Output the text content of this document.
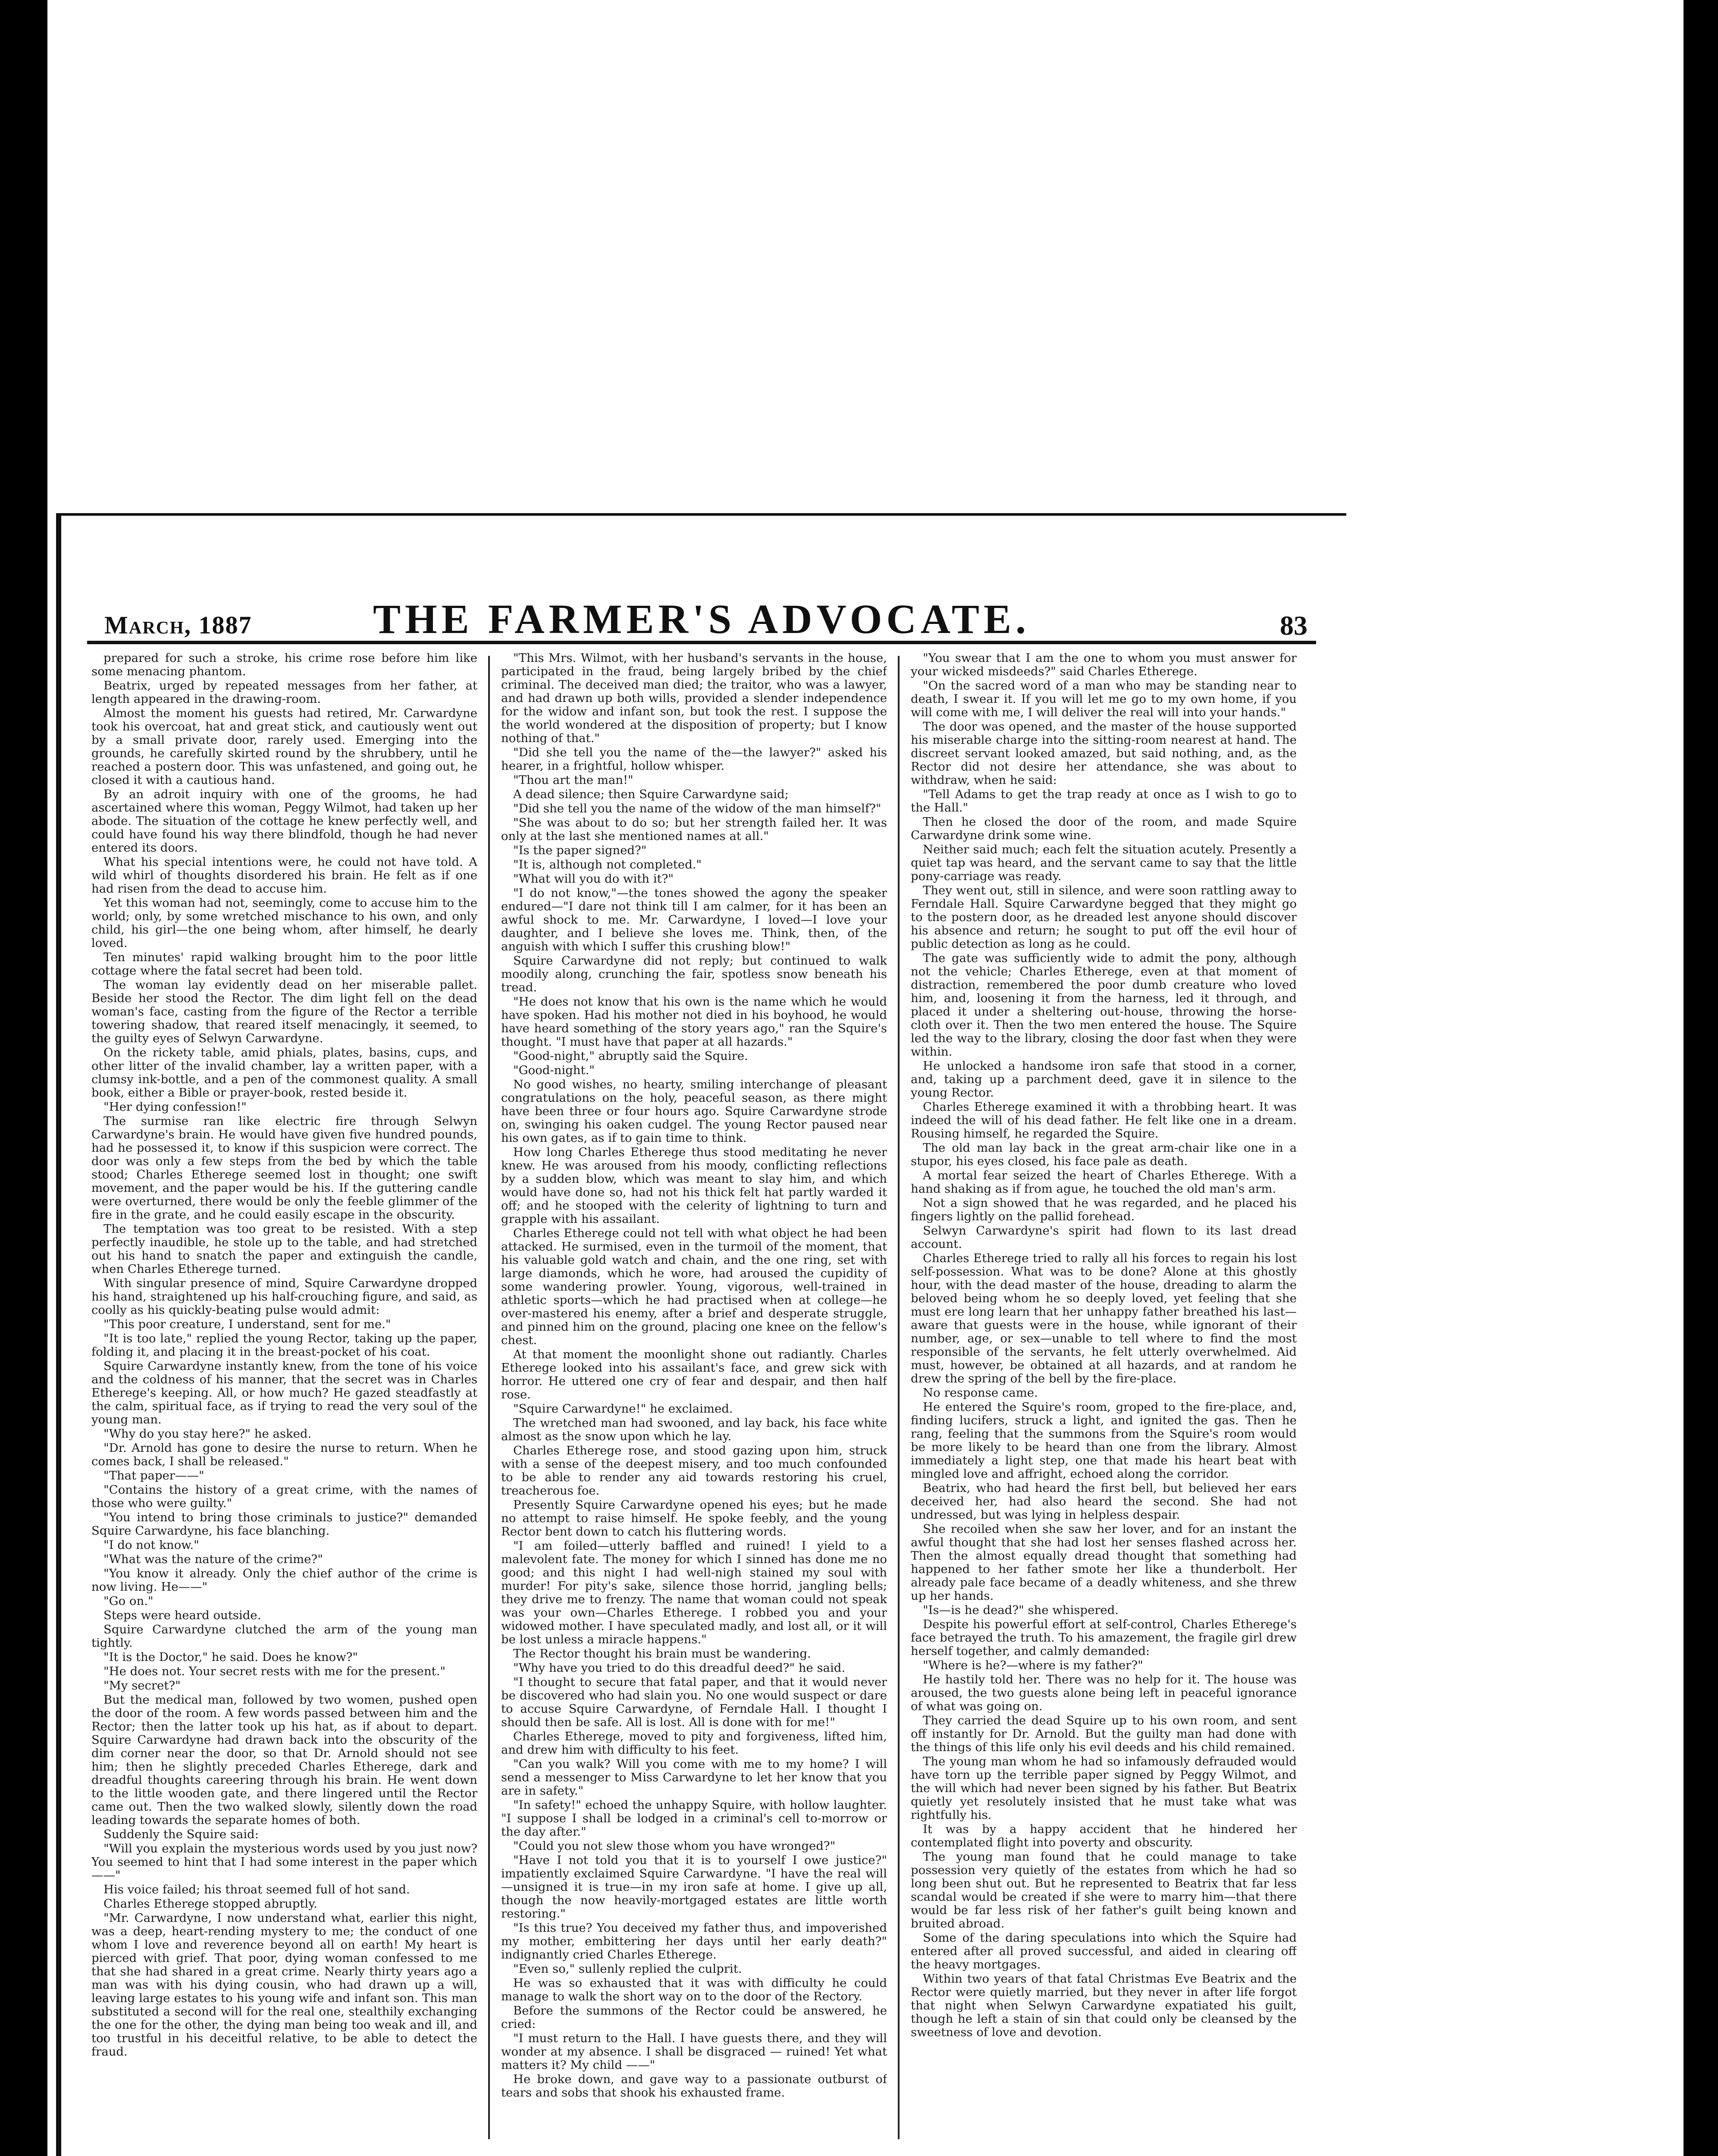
March, 1887	THE FARMER'S ADVOCATE.	83

prepared for such a stroke, his crime rose before him like some menacing phantom.

Beatrix, urged by repeated messages from her father, at length appeared in the drawing-room.

Almost the moment his guests had retired, Mr. Carwardyne took his overcoat, hat and great stick, and cautiously went out by a small private door, rarely used. Emerging into the grounds, he carefully skirted round by the shrubbery, until he reached a postern door. This was unfastened, and going out, he closed it with a cautious hand.

By an adroit inquiry with one of the grooms, he had ascertained where this woman, Peggy Wilmot, had taken up her abode. The situation of the cottage he knew perfectly well, and could have found his way there blindfold, though he had never entered its doors.

What his special intentions were, he could not have told. A wild whirl of thoughts disordered his brain. He felt as if one had risen from the dead to accuse him.

Yet this woman had not, seemingly, come to accuse him to the world; only, by some wretched mischance to his own, and only child, his girl—the one being whom, after himself, he dearly loved.

Ten minutes' rapid walking brought him to the poor little cottage where the fatal secret had been told.

The woman lay evidently dead on her miserable pallet. Beside her stood the Rector. The dim light fell on the dead woman's face, casting from the figure of the Rector a terrible towering shadow, that reared itself menacingly, it seemed, to the guilty eyes of Selwyn Carwardyne.

On the rickety table, amid phials, plates, basins, cups, and other litter of the invalid chamber, lay a written paper, with a clumsy ink-bottle, and a pen of the commonest quality. A small book, either a Bible or prayer-book, rested beside it.

"Her dying confession!"

The surmise ran like electric fire through Selwyn Carwardyne's brain. He would have given five hundred pounds, had he possessed it, to know if this suspicion were correct. The door was only a few steps from the bed by which the table stood; Charles Etherege seemed lost in thought; one swift movement, and the paper would be his. If the guttering candle were overturned, there would be only the feeble glimmer of the fire in the grate, and he could easily escape in the obscurity.

The temptation was too great to be resisted. With a step perfectly inaudible, he stole up to the table, and had stretched out his hand to snatch the paper and extinguish the candle, when Charles Etherege turned.

With singular presence of mind, Squire Carwardyne dropped his hand, straightened up his half-crouching figure, and said, as coolly as his quickly-beating pulse would admit:

"This poor creature, I understand, sent for me."

"It is too late," replied the young Rector, taking up the paper, folding it, and placing it in the breast-pocket of his coat.

Squire Carwardyne instantly knew, from the tone of his voice and the coldness of his manner, that the secret was in Charles Etherege's keeping. All, or how much? He gazed steadfastly at the calm, spiritual face, as if trying to read the very soul of the young man.

"Why do you stay here?" he asked.

"Dr. Arnold has gone to desire the nurse to return. When he comes back, I shall be released."

"That paper——"

"Contains the history of a great crime, with the names of those who were guilty."

"You intend to bring those criminals to justice?" demanded Squire Carwardyne, his face blanching.

"I do not know."

"What was the nature of the crime?"

"You know it already. Only the chief author of the crime is now living. He——"

"Go on."

Steps were heard outside.

Squire Carwardyne clutched the arm of the young man tightly.

"It is the Doctor," he said. Does he know?"

"He does not. Your secret rests with me for the present."

"My secret?"

But the medical man, followed by two women, pushed open the door of the room. A few words passed between him and the Rector; then the latter took up his hat, as if about to depart. Squire Carwardyne had drawn back into the obscurity of the dim corner near the door, so that Dr. Arnold should not see him; then he slightly preceded Charles Etherege, dark and dreadful thoughts careering through his brain. He went down to the little wooden gate, and there lingered until the Rector came out. Then the two walked slowly, silently down the road leading towards the separate homes of both.

Suddenly the Squire said:

"Will you explain the mysterious words used by you just now? You seemed to hint that I had some interest in the paper which——"

His voice failed; his throat seemed full of hot sand.

Charles Etherege stopped abruptly.

"Mr. Carwardyne, I now understand what, earlier this night, was a deep, heart-rending mystery to me; the conduct of one whom I love and reverence beyond all on earth! My heart is pierced with grief. That poor, dying woman confessed to me that she had shared in a great crime. Nearly thirty years ago a man was with his dying cousin, who had drawn up a will, leaving large estates to his young wife and infant son. This man substituted a second will for the real one, stealthily exchanging the one for the other, the dying man being too weak and ill, and too trustful in his deceitful relative, to be able to detect the fraud.

"This Mrs. Wilmot, with her husband's servants in the house, participated in the fraud, being largely bribed by the chief criminal. The deceived man died; the traitor, who was a lawyer, and had drawn up both wills, provided a slender independence for the widow and infant son, but took the rest. I suppose the the world wondered at the disposition of property; but I know nothing of that."

"Did she tell you the name of the—the lawyer?" asked his hearer, in a frightful, hollow whisper.

"Thou art the man!"

A dead silence; then Squire Carwardyne said;

"Did she tell you the name of the widow of the man himself?"

"She was about to do so; but her strength failed her. It was only at the last she mentioned names at all."

"Is the paper signed?"

"It is, although not completed."

"What will you do with it?"

"I do not know,"—the tones showed the agony the speaker endured—"I dare not think till I am calmer, for it has been an awful shock to me. Mr. Carwardyne, I loved—I love your daughter, and I believe she loves me. Think, then, of the anguish with which I suffer this crushing blow!"

Squire Carwardyne did not reply; but continued to walk moodily along, crunching the fair, spotless snow beneath his tread.

"He does not know that his own is the name which he would have spoken. Had his mother not died in his boyhood, he would have heard something of the story years ago," ran the Squire's thought. "I must have that paper at all hazards."

"Good-night," abruptly said the Squire.

"Good-night."

No good wishes, no hearty, smiling interchange of pleasant congratulations on the holy, peaceful season, as there might have been three or four hours ago. Squire Carwardyne strode on, swinging his oaken cudgel. The young Rector paused near his own gates, as if to gain time to think.

How long Charles Etherege thus stood meditating he never knew. He was aroused from his moody, conflicting reflections by a sudden blow, which was meant to slay him, and which would have done so, had not his thick felt hat partly warded it off; and he stooped with the celerity of lightning to turn and grapple with his assailant.

Charles Etherege could not tell with what object he had been attacked. He surmised, even in the turmoil of the moment, that his valuable gold watch and chain, and the one ring, set with large diamonds, which he wore, had aroused the cupidity of some wandering prowler. Young, vigorous, well-trained in athletic sports—which he had practised when at college—he over-mastered his enemy, after a brief and desperate struggle, and pinned him on the ground, placing one knee on the fellow's chest.

At that moment the moonlight shone out radiantly. Charles Etherege looked into his assailant's face, and grew sick with horror. He uttered one cry of fear and despair, and then half rose.

"Squire Carwardyne!" he exclaimed.

The wretched man had swooned, and lay back, his face white almost as the snow upon which he lay.

Charles Etherege rose, and stood gazing upon him, struck with a sense of the deepest misery, and too much confounded to be able to render any aid towards restoring his cruel, treacherous foe.

Presently Squire Carwardyne opened his eyes; but he made no attempt to raise himself. He spoke feebly, and the young Rector bent down to catch his fluttering words.

"I am foiled—utterly baffled and ruined! I yield to a malevolent fate. The money for which I sinned has done me no good; and this night I had well-nigh stained my soul with murder! For pity's sake, silence those horrid, jangling bells; they drive me to frenzy. The name that woman could not speak was your own—Charles Etherege. I robbed you and your widowed mother. I have speculated madly, and lost all, or it will be lost unless a miracle happens."

The Rector thought his brain must be wandering.

"Why have you tried to do this dreadful deed?" he said.

"I thought to secure that fatal paper, and that it would never be discovered who had slain you. No one would suspect or dare to accuse Squire Carwardyne, of Ferndale Hall. I thought I should then be safe. All is lost. All is done with for me!"

Charles Etherege, moved to pity and forgiveness, lifted him, and drew him with difficulty to his feet.

"Can you walk? Will you come with me to my home? I will send a messenger to Miss Carwardyne to let her know that you are in safety."

"In safety!" echoed the unhappy Squire, with hollow laughter. "I suppose I shall be lodged in a criminal's cell to-morrow or the day after."

"Could you not slew those whom you have wronged?"

"Have I not told you that it is to yourself I owe justice?" impatiently exclaimed Squire Carwardyne. "I have the real will—unsigned it is true—in my iron safe at home. I give up all, though the now heavily-mortgaged estates are little worth restoring."

"Is this true? You deceived my father thus, and impoverished my mother, embittering her days until her early death?" indignantly cried Charles Etherege.

"Even so," sullenly replied the culprit.

He was so exhausted that it was with difficulty he could manage to walk the short way on to the door of the Rectory.

Before the summons of the Rector could be answered, he cried:

"I must return to the Hall. I have guests there, and they will wonder at my absence. I shall be disgraced — ruined! Yet what matters it? My child ——"

He broke down, and gave way to a passionate outburst of tears and sobs that shook his exhausted frame.

"You swear that I am the one to whom you must answer for your wicked misdeeds?" said Charles Etherege.

"On the sacred word of a man who may be standing near to death, I swear it. If you will let me go to my own home, if you will come with me, I will deliver the real will into your hands."

The door was opened, and the master of the house supported his miserable charge into the sitting-room nearest at hand. The discreet servant looked amazed, but said nothing, and, as the Rector did not desire her attendance, she was about to withdraw, when he said:

"Tell Adams to get the trap ready at once as I wish to go to the Hall."

Then he closed the door of the room, and made Squire Carwardyne drink some wine.

Neither said much; each felt the situation acutely. Presently a quiet tap was heard, and the servant came to say that the little pony-carriage was ready.

They went out, still in silence, and were soon rattling away to Ferndale Hall. Squire Carwardyne begged that they might go to the postern door, as he dreaded lest anyone should discover his absence and return; he sought to put off the evil hour of public detection as long as he could.

The gate was sufficiently wide to admit the pony, although not the vehicle; Charles Etherege, even at that moment of distraction, remembered the poor dumb creature who loved him, and, loosening it from the harness, led it through, and placed it under a sheltering out-house, throwing the horse-cloth over it. Then the two men entered the house. The Squire led the way to the library, closing the door fast when they were within.

He unlocked a handsome iron safe that stood in a corner, and, taking up a parchment deed, gave it in silence to the young Rector.

Charles Etherege examined it with a throbbing heart. It was indeed the will of his dead father. He felt like one in a dream. Rousing himself, he regarded the Squire.

The old man lay back in the great arm-chair like one in a stupor, his eyes closed, his face pale as death.

A mortal fear seized the heart of Charles Etherege. With a hand shaking as if from ague, he touched the old man's arm.

Not a sign showed that he was regarded, and he placed his fingers lightly on the pallid forehead.

Selwyn Carwardyne's spirit had flown to its last dread account.

Charles Etherege tried to rally all his forces to regain his lost self-possession. What was to be done? Alone at this ghostly hour, with the dead master of the house, dreading to alarm the beloved being whom he so deeply loved, yet feeling that she must ere long learn that her unhappy father breathed his last—aware that guests were in the house, while ignorant of their number, age, or sex—unable to tell where to find the most responsible of the servants, he felt utterly overwhelmed. Aid must, however, be obtained at all hazards, and at random he drew the spring of the bell by the fire-place.

No response came.

He entered the Squire's room, groped to the fire-place, and, finding lucifers, struck a light, and ignited the gas. Then he rang, feeling that the summons from the Squire's room would be more likely to be heard than one from the library. Almost immediately a light step, one that made his heart beat with mingled love and affright, echoed along the corridor.

Beatrix, who had heard the first bell, but believed her ears deceived her, had also heard the second. She had not undressed, but was lying in helpless despair.

She recoiled when she saw her lover, and for an instant the awful thought that she had lost her senses flashed across her. Then the almost equally dread thought that something had happened to her father smote her like a thunderbolt. Her already pale face became of a deadly whiteness, and she threw up her hands.

"Is—is he dead?" she whispered.

Despite his powerful effort at self-control, Charles Etherege's face betrayed the truth. To his amazement, the fragile girl drew herself together, and calmly demanded:

"Where is he?—where is my father?"

He hastily told her. There was no help for it. The house was aroused, the two guests alone being left in peaceful ignorance of what was going on.

They carried the dead Squire up to his own room, and sent off instantly for Dr. Arnold. But the guilty man had done with the things of this life only his evil deeds and his child remained.

The young man whom he had so infamously defrauded would have torn up the terrible paper signed by Peggy Wilmot, and the will which had never been signed by his father. But Beatrix quietly yet resolutely insisted that he must take what was rightfully his.

It was by a happy accident that he hindered her contemplated flight into poverty and obscurity.

The young man found that he could manage to take possession very quietly of the estates from which he had so long been shut out. But he represented to Beatrix that far less scandal would be created if she were to marry him—that there would be far less risk of her father's guilt being known and bruited abroad.

Some of the daring speculations into which the Squire had entered after all proved successful, and aided in clearing off the heavy mortgages.

Within two years of that fatal Christmas Eve Beatrix and the Rector were quietly married, but they never in after life forgot that night when Selwyn Carwardyne expatiated his guilt, though he left a stain of sin that could only be cleansed by the sweetness of love and devotion.
